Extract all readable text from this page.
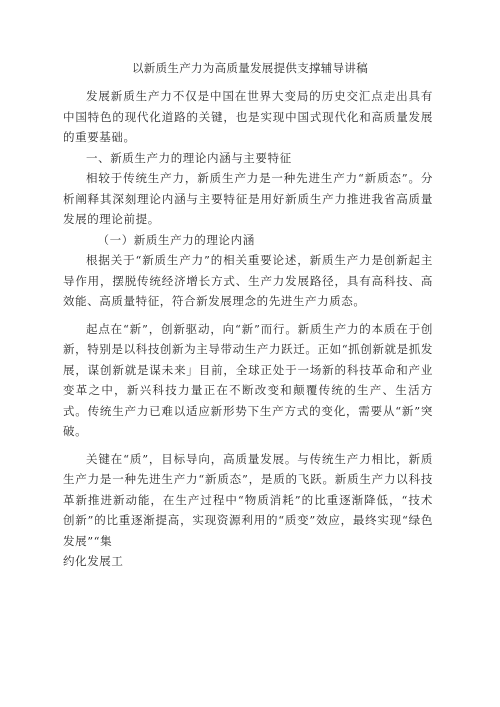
以新质生产力为高质量发展提供支撑辅导讲稿

发展新质生产力不仅是中国在世界大变局的历史交汇点走出具有中国特色的现代化道路的关键，也是实现中国式现代化和高质量发展的重要基础。

一、新质生产力的理论内涵与主要特征

相较于传统生产力，新质生产力是一种先进生产力“新质态”。分析阐释其深刻理论内涵与主要特征是用好新质生产力推进我省高质量发展的理论前提。

（一）新质生产力的理论内涵

根据关于“新质生产力”的相关重要论述，新质生产力是创新起主导作用，摆脱传统经济增长方式、生产力发展路径，具有高科技、高效能、高质量特征，符合新发展理念的先进生产力质态。

起点在“新”，创新驱动，向“新”而行。新质生产力的本质在于创新，特别是以科技创新为主导带动生产力跃迁。正如“抓创新就是抓发展，谋创新就是谋未来」目前，全球正处于一场新的科技革命和产业变革之中，新兴科技力量正在不断改变和颠覆传统的生产、生活方式。传统生产力已难以适应新形势下生产方式的变化，需要从“新”突破。

关键在“质”，目标导向，高质量发展。与传统生产力相比，新质生产力是一种先进生产力“新质态”，是质的飞跃。新质生产力以科技革新推进新动能，在生产过程中“物质消耗”的比重逐渐降低，“技术创新”的比重逐渐提高，实现资源利用的“质变”效应，最终实现“绿色发展”“集

约化发展工
